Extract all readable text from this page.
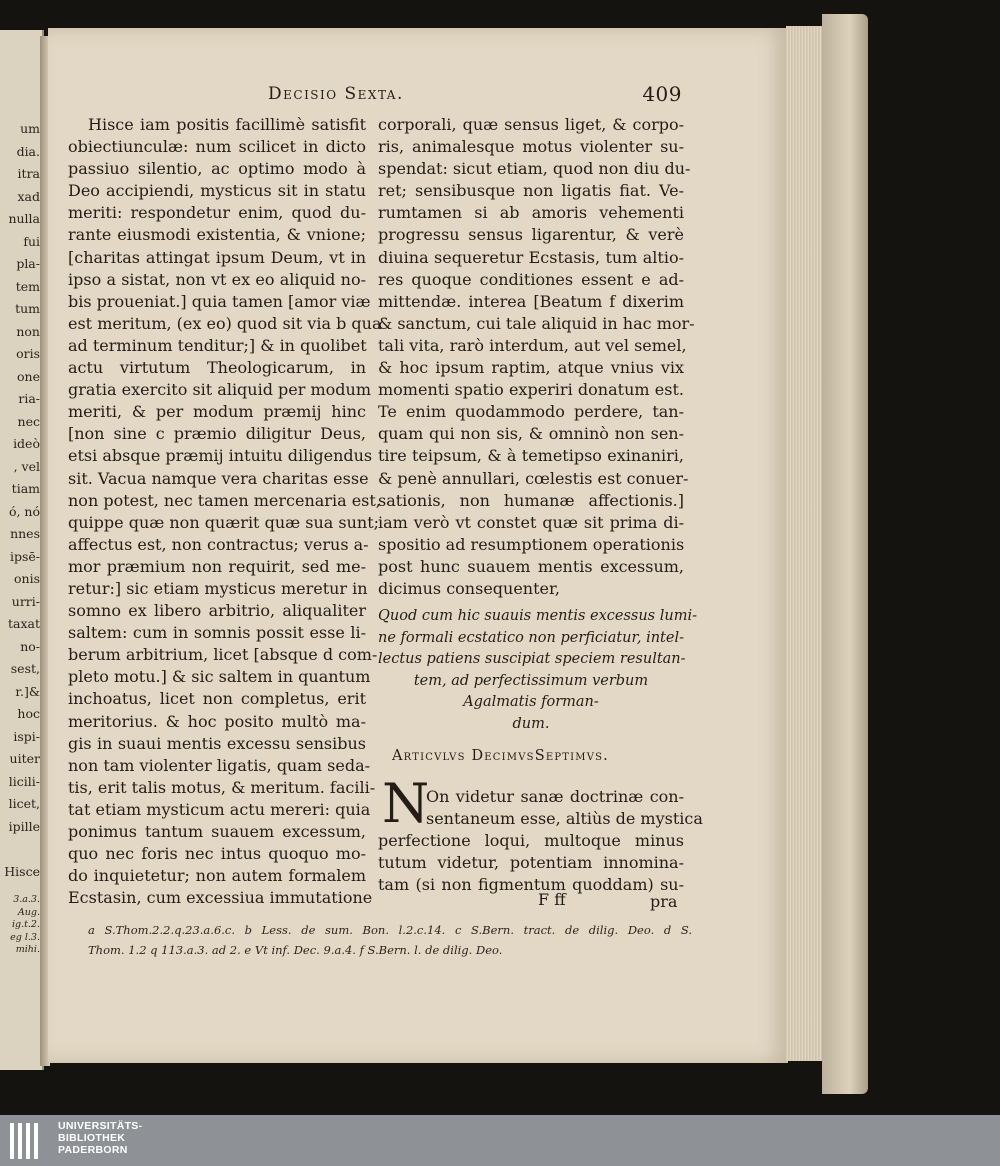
um
dia.
itra
xad
nulla
fui
pla-
tem
tum
non
oris
one
ria-
nec
ideò
, vel
tiam
ó, nó
nnes
ipsē-
onis
urri-
taxat
no-
sest,
r.]&
hoc
ispi-
uiter
licili-
licet,
ipille
Hisce
3.a.3.
Aug.
ig.t.2.
eg l.3.
mihi.
Decisio Sexta.	409
Hisce iam positis facillimè satisfit
obiectiunculæ: num scilicet in dicto
passiuo silentio, ac optimo modo à
Deo accipiendi, mysticus sit in statu
meriti: respondetur enim, quod du-
rante eiusmodi existentia, & vnione;
[charitas attingat ipsum Deum, vt in
ipso a sistat, non vt ex eo aliquid no-
bis proueniat.] quia tamen [amor viæ
est meritum, (ex eo) quod sit via b qua
ad terminum tenditur;] & in quolibet
actu virtutum Theologicarum, in
gratia exercito sit aliquid per modum
meriti, & per modum præmij hinc
[non sine c præmio diligitur Deus,
etsi absque præmij intuitu diligendus
sit. Vacua namque vera charitas esse
non potest, nec tamen mercenaria est,
quippe quæ non quærit quæ sua sunt;
affectus est, non contractus; verus a-
mor præmium non requirit, sed me-
retur:] sic etiam mysticus meretur in
somno ex libero arbitrio, aliqualiter
saltem: cum in somnis possit esse li-
berum arbitrium, licet [absque d com-
pleto motu.] & sic saltem in quantum
inchoatus, licet non completus, erit
meritorius. & hoc posito multò ma-
gis in suaui mentis excessu sensibus
non tam violenter ligatis, quam seda-
tis, erit talis motus, & meritum. facili-
tat etiam mysticum actu mereri: quia
ponimus tantum suauem excessum,
quo nec foris nec intus quoquo mo-
do inquietetur; non autem formalem
Ecstasin, cum excessiua immutatione
corporali, quæ sensus liget, & corpo-
ris, animalesque motus violenter su-
spendat: sicut etiam, quod non diu du-
ret; sensibusque non ligatis fiat. Ve-
rumtamen si ab amoris vehementi
progressu sensus ligarentur, & verè
diuina sequeretur Ecstasis, tum altio-
res quoque conditiones essent e ad-
mittendæ. interea [Beatum f dixerim
& sanctum, cui tale aliquid in hac mor-
tali vita, rarò interdum, aut vel semel,
& hoc ipsum raptim, atque vnius vix
momenti spatio experiri donatum est.
Te enim quodammodo perdere, tan-
quam qui non sis, & omninò non sen-
tire teipsum, & à temetipso exinaniri,
& penè annullari, cœlestis est conuer-
sationis, non humanæ affectionis.]
iam verò vt constet quæ sit prima di-
spositio ad resumptionem operationis
post hunc suauem mentis excessum,
dicimus consequenter,
Quod cum hic suauis mentis excessus lumi-
ne formali ecstatico non perficiatur, intel-
lectus patiens suscipiat speciem resultan-
tem, ad perfectissimum verbum
Agalmatis forman-
dum.
Articvlvs DecimvsSeptimvs.
N
On videtur sanæ doctrinæ con-
sentaneum esse, altiùs de mystica
perfectione loqui, multoque minus
tutum videtur, potentiam innomina-
tam (si non figmentum quoddam) su-
F ff	pra
a S.Thom.2.2.q.23.a.6.c. b Less. de sum. Bon. l.2.c.14. c S.Bern. tract. de dilig. Deo. d S.
Thom. 1.2 q 113.a.3. ad 2. e Vt inf. Dec. 9.a.4. f S.Bern. l. de dilig. Deo.
UNIVERSITÄTS-
BIBLIOTHEK
PADERBORN
